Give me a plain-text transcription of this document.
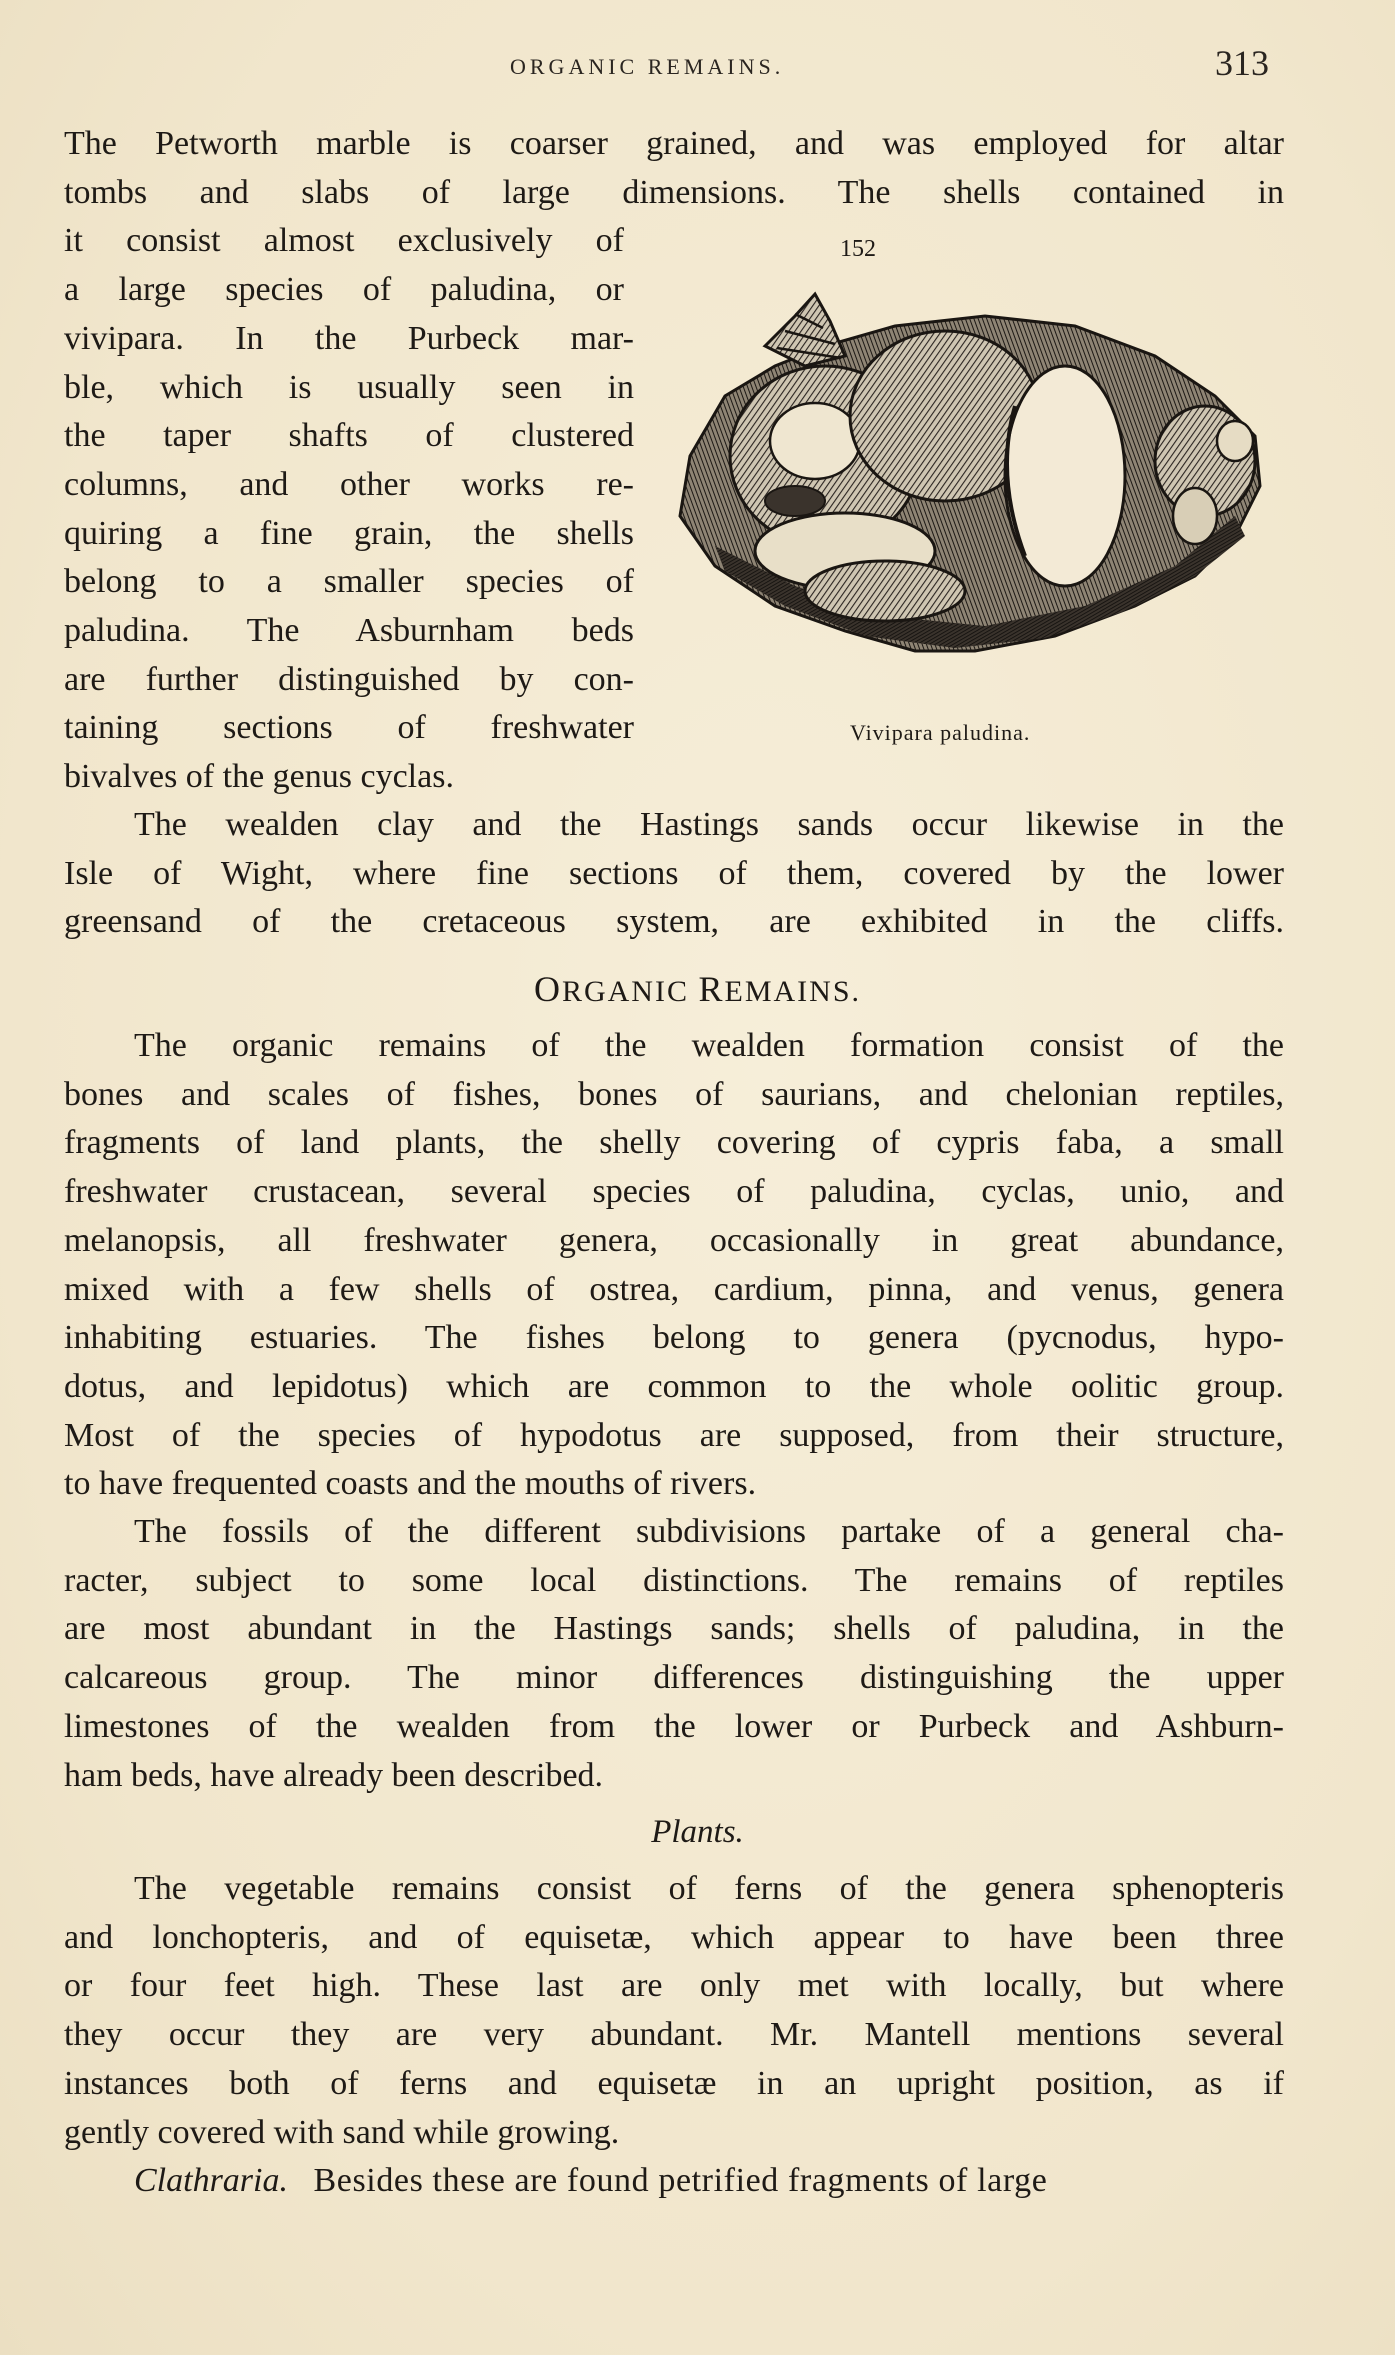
ORGANIC REMAINS.	313
The Petworth marble is coarser grained, and was employed for altar
tombs and slabs of large dimensions. The shells contained in
it consist almost exclusively of
a large species of paludina, or
vivipara. In the Purbeck mar-
ble, which is usually seen in
the taper shafts of clustered
columns, and other works re-
quiring a fine grain, the shells
belong to a smaller species of
paludina. The Asburnham beds
are further distinguished by con-
taining sections of freshwater
bivalves of the genus cyclas.
152
Vivipara paludina.
The wealden clay and the Hastings sands occur likewise in the
Isle of Wight, where fine sections of them, covered by the lower
greensand of the cretaceous system, are exhibited in the cliffs.
ORGANIC REMAINS.
The organic remains of the wealden formation consist of the
bones and scales of fishes, bones of saurians, and chelonian reptiles,
fragments of land plants, the shelly covering of cypris faba, a small
freshwater crustacean, several species of paludina, cyclas, unio, and
melanopsis, all freshwater genera, occasionally in great abundance,
mixed with a few shells of ostrea, cardium, pinna, and venus, genera
inhabiting estuaries. The fishes belong to genera (pycnodus, hypo-
dotus, and lepidotus) which are common to the whole oolitic group.
Most of the species of hypodotus are supposed, from their structure,
to have frequented coasts and the mouths of rivers.
The fossils of the different subdivisions partake of a general cha-
racter, subject to some local distinctions. The remains of reptiles
are most abundant in the Hastings sands; shells of paludina, in the
calcareous group. The minor differences distinguishing the upper
limestones of the wealden from the lower or Purbeck and Ashburn-
ham beds, have already been described.
Plants.
The vegetable remains consist of ferns of the genera sphenopteris
and lonchopteris, and of equisetæ, which appear to have been three
or four feet high. These last are only met with locally, but where
they occur they are very abundant. Mr. Mantell mentions several
instances both of ferns and equisetæ in an upright position, as if
gently covered with sand while growing.
Clathraria. Besides these are found petrified fragments of large
